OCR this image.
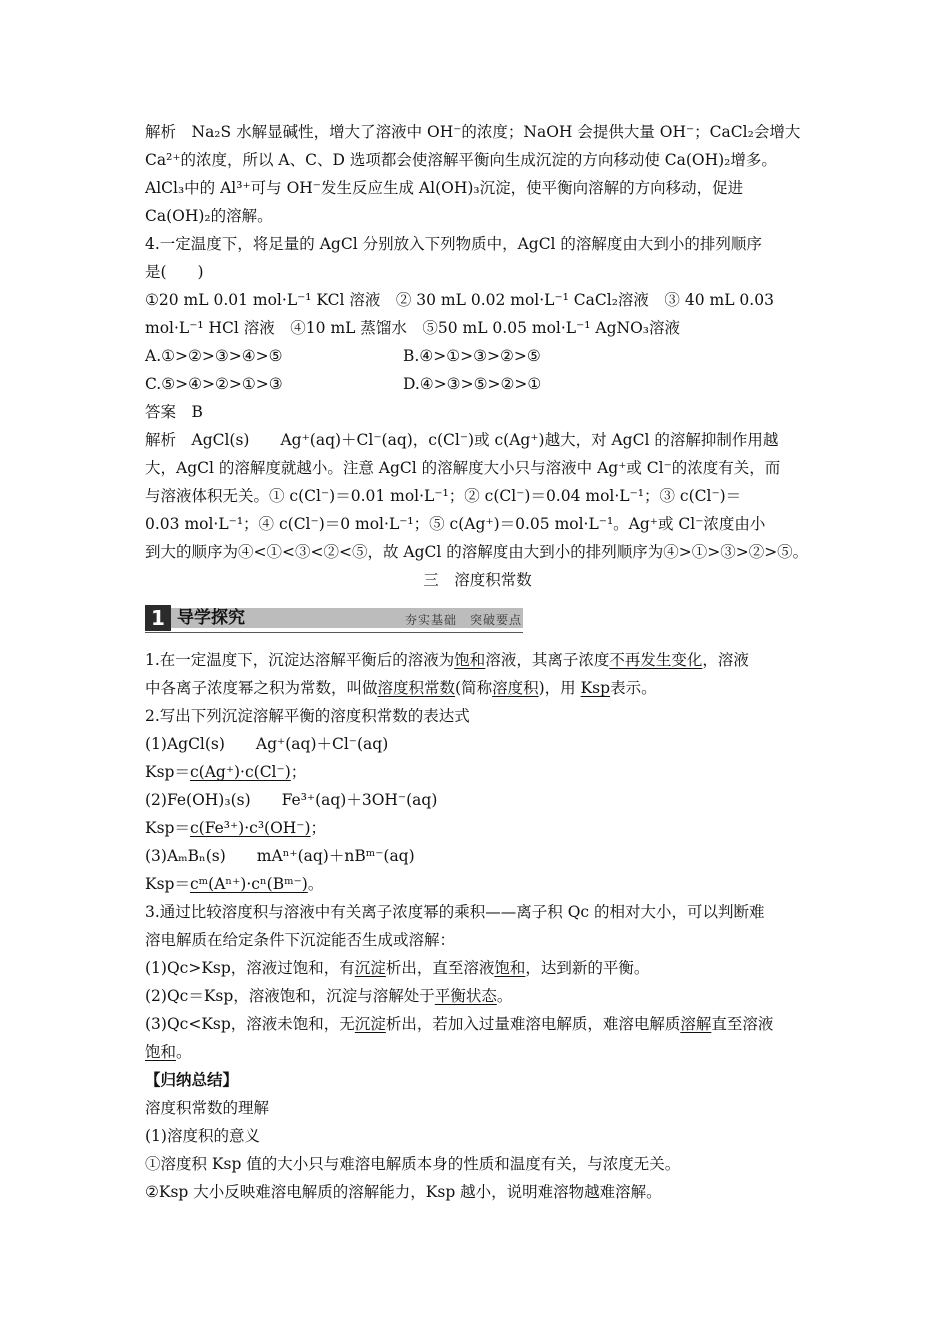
解析　Na₂S 水解显碱性，增大了溶液中 OH⁻的浓度；NaOH 会提供大量 OH⁻；CaCl₂会增大

Ca²⁺的浓度，所以 A、C、D 选项都会使溶解平衡向生成沉淀的方向移动使 Ca(OH)₂增多。

AlCl₃中的 Al³⁺可与 OH⁻发生反应生成 Al(OH)₃沉淀，使平衡向溶解的方向移动，促进

Ca(OH)₂的溶解。

4.一定温度下，将足量的 AgCl 分别放入下列物质中，AgCl 的溶解度由大到小的排列顺序

是(　　)

①20 mL 0.01 mol·L⁻¹ KCl 溶液　② 30 mL 0.02 mol·L⁻¹ CaCl₂溶液　③ 40 mL 0.03

mol·L⁻¹ HCl 溶液　④10 mL 蒸馏水　⑤50 mL 0.05 mol·L⁻¹ AgNO₃溶液

A.①>②>③>④>⑤	B.④>①>③>②>⑤

C.⑤>④>②>①>③	D.④>③>⑤>②>①

答案　B

解析　AgCl(s)　　Ag⁺(aq)＋Cl⁻(aq)，c(Cl⁻)或 c(Ag⁺)越大，对 AgCl 的溶解抑制作用越

大，AgCl 的溶解度就越小。注意 AgCl 的溶解度大小只与溶液中 Ag⁺或 Cl⁻的浓度有关，而

与溶液体积无关。① c(Cl⁻)＝0.01 mol·L⁻¹；② c(Cl⁻)＝0.04 mol·L⁻¹；③ c(Cl⁻)＝

0.03 mol·L⁻¹；④ c(Cl⁻)＝0 mol·L⁻¹；⑤ c(Ag⁺)＝0.05 mol·L⁻¹。Ag⁺或 Cl⁻浓度由小

到大的顺序为④<①<③<②<⑤，故 AgCl 的溶解度由大到小的排列顺序为④>①>③>②>⑤。

三　溶度积常数

1 导学探究	夯实基础　突破要点

1.在一定温度下，沉淀达溶解平衡后的溶液为饱和溶液，其离子浓度不再发生变化，溶液

中各离子浓度幂之积为常数，叫做溶度积常数(简称溶度积)，用 Ksp表示。

2.写出下列沉淀溶解平衡的溶度积常数的表达式

(1)AgCl(s)　　Ag⁺(aq)＋Cl⁻(aq)

Ksp＝c(Ag⁺)·c(Cl⁻)；

(2)Fe(OH)₃(s)　　Fe³⁺(aq)＋3OH⁻(aq)

Ksp＝c(Fe³⁺)·c³(OH⁻)；

(3)AₘBₙ(s)　　mAⁿ⁺(aq)＋nBᵐ⁻(aq)

Ksp＝cᵐ(Aⁿ⁺)·cⁿ(Bᵐ⁻)。

3.通过比较溶度积与溶液中有关离子浓度幂的乘积——离子积 Qc 的相对大小，可以判断难

溶电解质在给定条件下沉淀能否生成或溶解：

(1)Qc>Ksp，溶液过饱和，有沉淀析出，直至溶液饱和，达到新的平衡。

(2)Qc＝Ksp，溶液饱和，沉淀与溶解处于平衡状态。

(3)Qc<Ksp，溶液未饱和，无沉淀析出，若加入过量难溶电解质，难溶电解质溶解直至溶液

饱和。

【归纳总结】

溶度积常数的理解

(1)溶度积的意义

①溶度积 Ksp 值的大小只与难溶电解质本身的性质和温度有关，与浓度无关。

②Ksp 大小反映难溶电解质的溶解能力，Ksp 越小，说明难溶物越难溶解。
